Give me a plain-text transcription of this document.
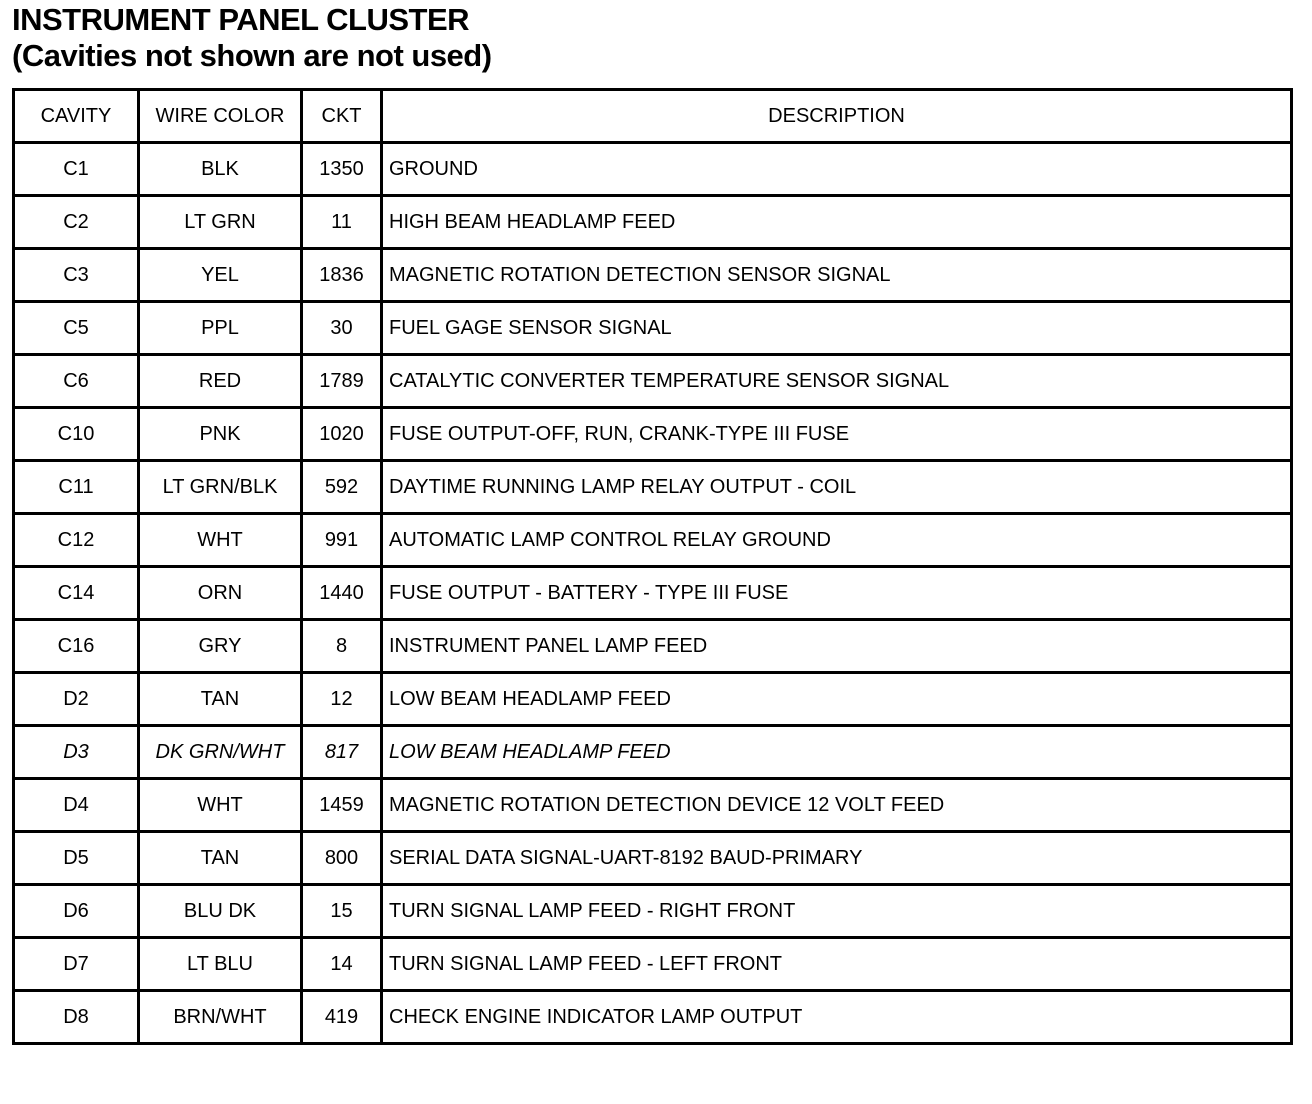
INSTRUMENT PANEL CLUSTER
(Cavities not shown are not used)
CAVITY	WIRE COLOR	CKT	DESCRIPTION
C1	BLK	1350	GROUND
C2	LT GRN	11	HIGH BEAM HEADLAMP FEED
C3	YEL	1836	MAGNETIC ROTATION DETECTION SENSOR SIGNAL
C5	PPL	30	FUEL GAGE SENSOR SIGNAL
C6	RED	1789	CATALYTIC CONVERTER TEMPERATURE SENSOR SIGNAL
C10	PNK	1020	FUSE OUTPUT-OFF, RUN, CRANK-TYPE III FUSE
C11	LT GRN/BLK	592	DAYTIME RUNNING LAMP RELAY OUTPUT - COIL
C12	WHT	991	AUTOMATIC LAMP CONTROL RELAY GROUND
C14	ORN	1440	FUSE OUTPUT - BATTERY - TYPE III FUSE
C16	GRY	8	INSTRUMENT PANEL LAMP FEED
D2	TAN	12	LOW BEAM HEADLAMP FEED
D3	DK GRN/WHT	817	LOW BEAM HEADLAMP FEED
D4	WHT	1459	MAGNETIC ROTATION DETECTION DEVICE 12 VOLT FEED
D5	TAN	800	SERIAL DATA SIGNAL-UART-8192 BAUD-PRIMARY
D6	BLU DK	15	TURN SIGNAL LAMP FEED - RIGHT FRONT
D7	LT BLU	14	TURN SIGNAL LAMP FEED - LEFT FRONT
D8	BRN/WHT	419	CHECK ENGINE INDICATOR LAMP OUTPUT
